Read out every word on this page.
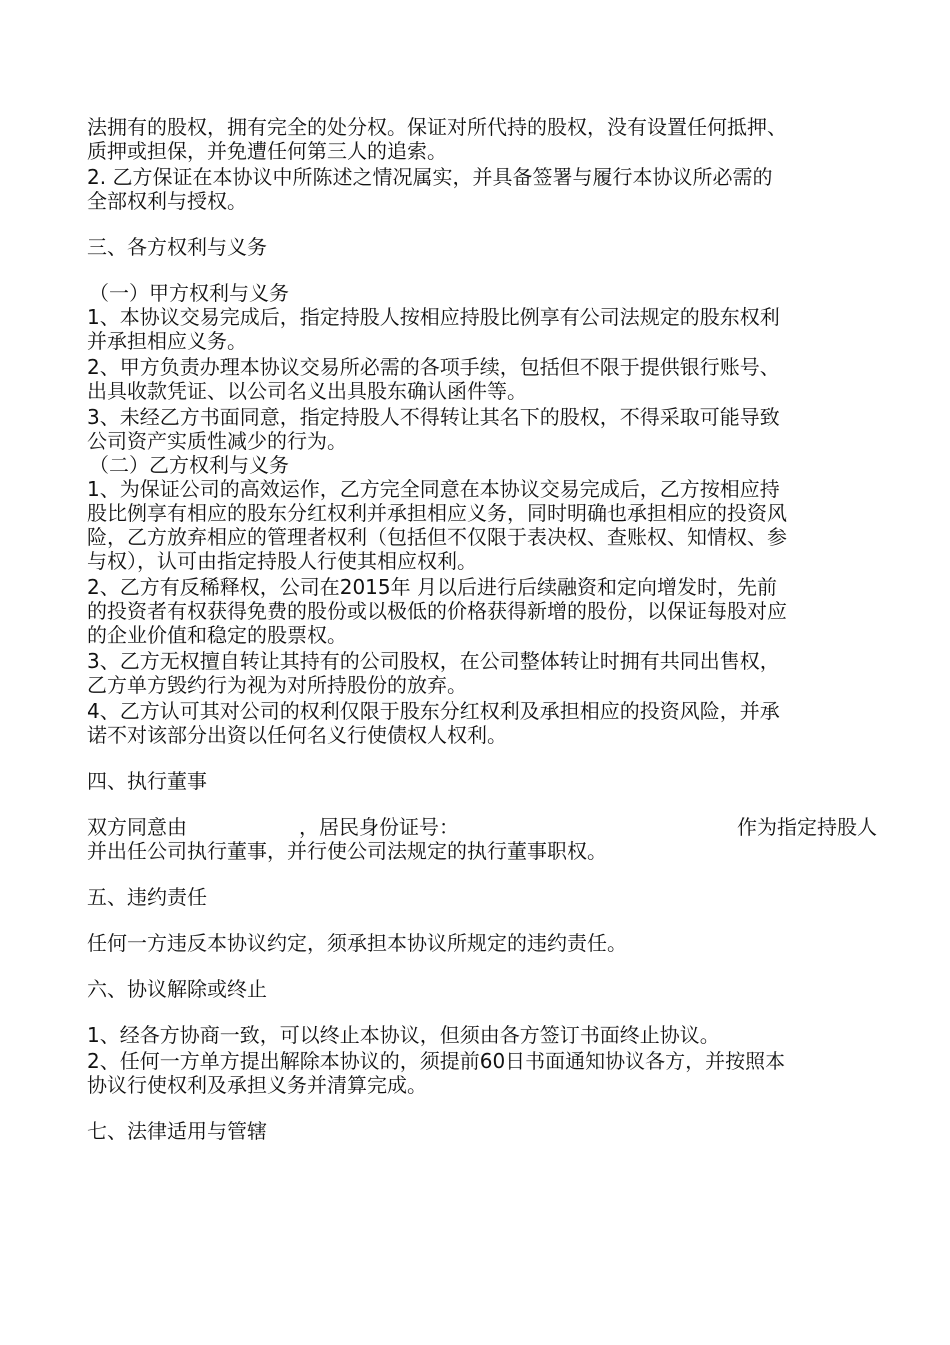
法拥有的股权，拥有完全的处分权。保证对所代持的股权，没有设置任何抵押、
质押或担保，并免遭任何第三人的追索。
2. 乙方保证在本协议中所陈述之情况属实，并具备签署与履行本协议所必需的
全部权利与授权。
三、各方权利与义务
（一）甲方权利与义务
1、本协议交易完成后，指定持股人按相应持股比例享有公司法规定的股东权利
并承担相应义务。
2、甲方负责办理本协议交易所必需的各项手续，包括但不限于提供银行账号、
出具收款凭证、以公司名义出具股东确认函件等。
3、未经乙方书面同意，指定持股人不得转让其名下的股权，不得采取可能导致
公司资产实质性减少的行为。
（二）乙方权利与义务
1、为保证公司的高效运作，乙方完全同意在本协议交易完成后，乙方按相应持
股比例享有相应的股东分红权利并承担相应义务，同时明确也承担相应的投资风
险，乙方放弃相应的管理者权利（包括但不仅限于表决权、查账权、知情权、参
与权），认可由指定持股人行使其相应权利。
2、乙方有反稀释权，公司在2015年 月以后进行后续融资和定向增发时，先前
的投资者有权获得免费的股份或以极低的价格获得新增的股份，以保证每股对应
的企业价值和稳定的股票权。
3、乙方无权擅自转让其持有的公司股权，在公司整体转让时拥有共同出售权，
乙方单方毁约行为视为对所持股份的放弃。
4、乙方认可其对公司的权利仅限于股东分红权利及承担相应的投资风险，并承
诺不对该部分出资以任何名义行使债权人权利。
四、执行董事
双方同意由	，居民身份证号：	作为指定持股人
并出任公司执行董事，并行使公司法规定的执行董事职权。
五、违约责任
任何一方违反本协议约定，须承担本协议所规定的违约责任。
六、协议解除或终止
1、经各方协商一致，可以终止本协议，但须由各方签订书面终止协议。
2、任何一方单方提出解除本协议的，须提前60日书面通知协议各方，并按照本
协议行使权利及承担义务并清算完成。
七、法律适用与管辖
